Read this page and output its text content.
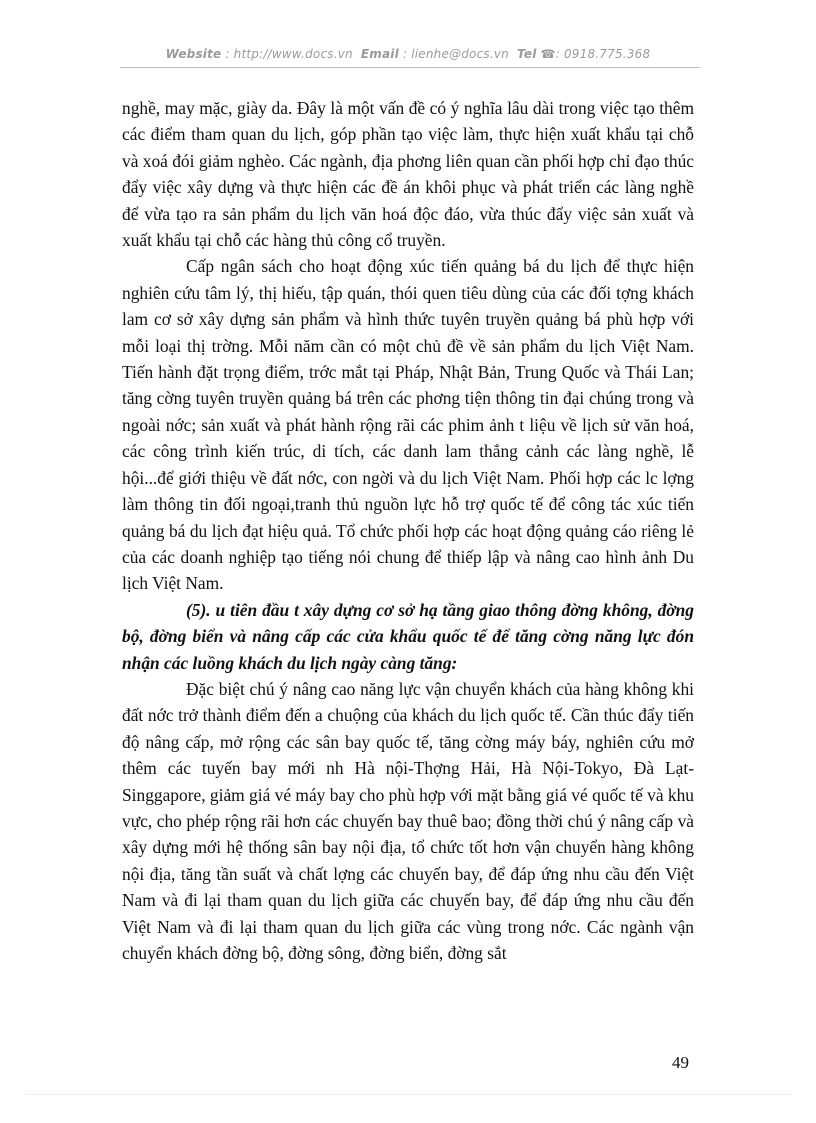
Website : http://www.docs.vn Email : lienhe@docs.vn Tel ☎: 0918.775.368

nghề, may mặc, giày da. Đây là một vấn đề có ý nghĩa lâu dài trong việc tạo thêm các điểm tham quan du lịch, góp phần tạo việc làm, thực hiện xuất khẩu tại chỗ và xoá đói giảm nghèo. Các ngành, địa phơng liên quan cần phối hợp chỉ đạo thúc đẩy việc xây dựng và thực hiện các đề án khôi phục và phát triển các làng nghề để vừa tạo ra sản phẩm du lịch văn hoá độc đáo, vừa thúc đẩy việc sản xuất và xuất khẩu tại chỗ các hàng thủ công cổ truyền.

Cấp ngân sách cho hoạt động xúc tiến quảng bá du lịch để thực hiện nghiên cứu tâm lý, thị hiếu, tập quán, thói quen tiêu dùng của các đối tợng khách lam cơ sở xây dựng sản phẩm và hình thức tuyên truyền quảng bá phù hợp với mỗi loại thị trờng. Mỗi năm cần có một chủ đề về sản phẩm du lịch Việt Nam. Tiến hành đặt trọng điểm, trớc mắt tại Pháp, Nhật Bản, Trung Quốc và Thái Lan; tăng cờng tuyên truyền quảng bá trên các phơng tiện thông tin đại chúng trong và ngoài nớc; sản xuất và phát hành rộng rãi các phim ảnh t liệu về lịch sử văn hoá, các công trình kiến trúc, di tích, các danh lam thắng cảnh các làng nghề, lễ hội...để giới thiệu về đất nớc, con ngời và du lịch Việt Nam. Phối hợp các lc lợng làm thông tin đối ngoại,tranh thủ nguồn lực hỗ trợ quốc tế để công tác xúc tiến quảng bá du lịch đạt hiệu quả. Tổ chức phối hợp các hoạt động quảng cáo riêng lẻ của các doanh nghiệp tạo tiếng nói chung để thiếp lập và nâng cao hình ảnh Du lịch Việt Nam.

(5). u tiên đầu t xây dựng cơ sở hạ tầng giao thông đờng không, đờng bộ, đờng biển và nâng cấp các cửa khẩu quốc tế để tăng cờng năng lực đón nhận các luồng khách du lịch ngày càng tăng:

Đặc biệt chú ý nâng cao năng lực vận chuyển khách của hàng không khi đất nớc trở thành điểm đến a chuộng của khách du lịch quốc tế. Cần thúc đẩy tiến độ nâng cấp, mở rộng các sân bay quốc tế, tăng cờng máy báy, nghiên cứu mở thêm các tuyến bay mới nh Hà nội-Thợng Hải, Hà Nội-Tokyo, Đà Lạt-Singgapore, giảm giá vé máy bay cho phù hợp với mặt bằng giá vé quốc tế và khu vực, cho phép rộng rãi hơn các chuyến bay thuê bao; đồng thời chú ý nâng cấp và xây dựng mới hệ thống sân bay nội địa, tổ chức tốt hơn vận chuyển hàng không nội địa, tăng tần suất và chất lợng các chuyến bay, để đáp ứng nhu cầu đến Việt Nam và đi lại tham quan du lịch giữa các chuyến bay, để đáp ứng nhu cầu đến Việt Nam và đi lại tham quan du lịch giữa các vùng trong nớc. Các ngành vận chuyển khách đờng bộ, đờng sông, đờng biển, đờng sắt

49
